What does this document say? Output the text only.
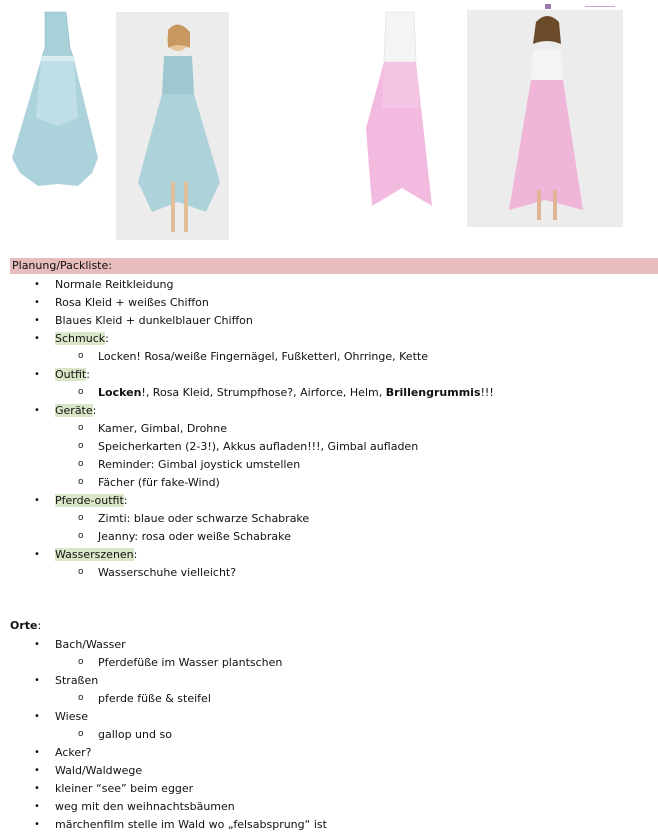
Planung/Packliste:
• Normale Reitkleidung
• Rosa Kleid + weißes Chiffon
• Blaues Kleid + dunkelblauer Chiffon
• Schmuck:
o Locken! Rosa/weiße Fingernägel, Fußketterl, Ohrringe, Kette
• Outfit:
o Locken!, Rosa Kleid, Strumpfhose?, Airforce, Helm, Brillengrummis!!!
• Geräte:
o Kamer, Gimbal, Drohne
o Speicherkarten (2-3!), Akkus aufladen!!!, Gimbal aufladen
o Reminder: Gimbal joystick umstellen
o Fächer (für fake-Wind)
• Pferde-outfit:
o Zimti: blaue oder schwarze Schabrake
o Jeanny: rosa oder weiße Schabrake
• Wasserszenen:
o Wasserschuhe vielleicht?
Orte:
• Bach/Wasser
o Pferdefüße im Wasser plantschen
• Straßen
o pferde füße & steifel
• Wiese
o gallop und so
• Acker?
• Wald/Waldwege
• kleiner “see” beim egger
• weg mit den weihnachtsbäumen
• märchenfilm stelle im Wald wo „felsabsprung“ ist
